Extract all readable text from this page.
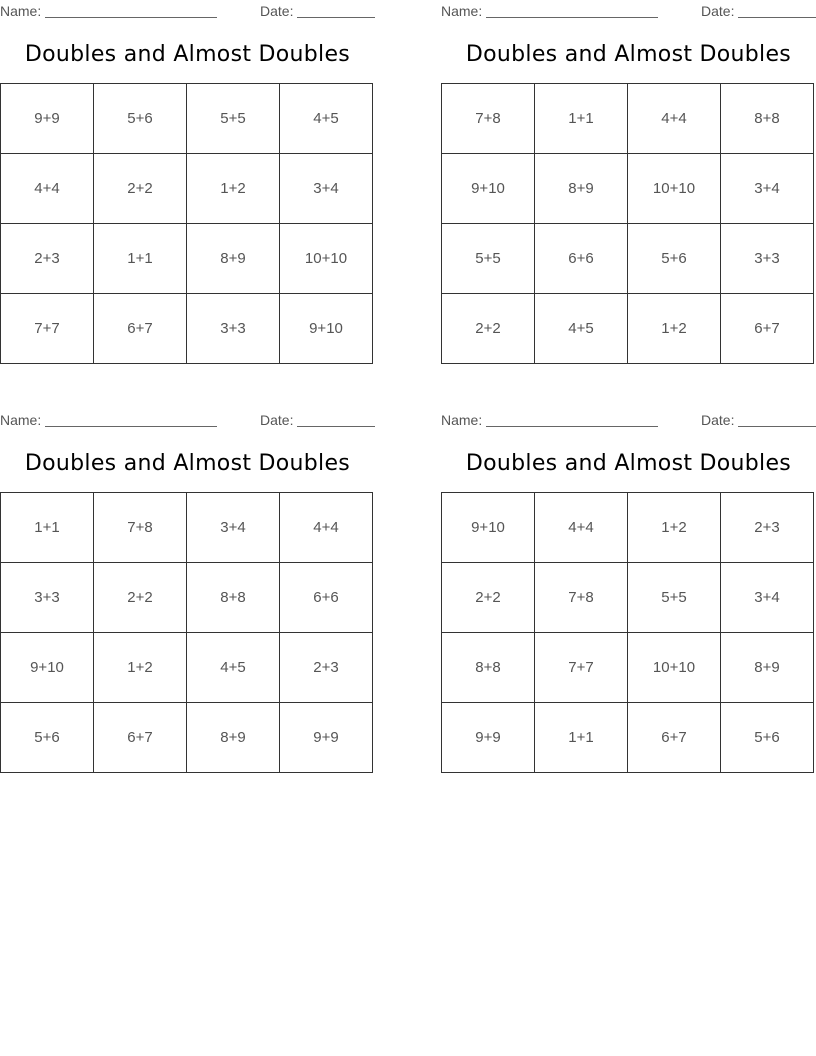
Name:	Date:
Doubles and Almost Doubles
9+9	5+6	5+5	4+5
4+4	2+2	1+2	3+4
2+3	1+1	8+9	10+10
7+7	6+7	3+3	9+10
Name:	Date:
Doubles and Almost Doubles
7+8	1+1	4+4	8+8
9+10	8+9	10+10	3+4
5+5	6+6	5+6	3+3
2+2	4+5	1+2	6+7
Name:	Date:
Doubles and Almost Doubles
1+1	7+8	3+4	4+4
3+3	2+2	8+8	6+6
9+10	1+2	4+5	2+3
5+6	6+7	8+9	9+9
Name:	Date:
Doubles and Almost Doubles
9+10	4+4	1+2	2+3
2+2	7+8	5+5	3+4
8+8	7+7	10+10	8+9
9+9	1+1	6+7	5+6
